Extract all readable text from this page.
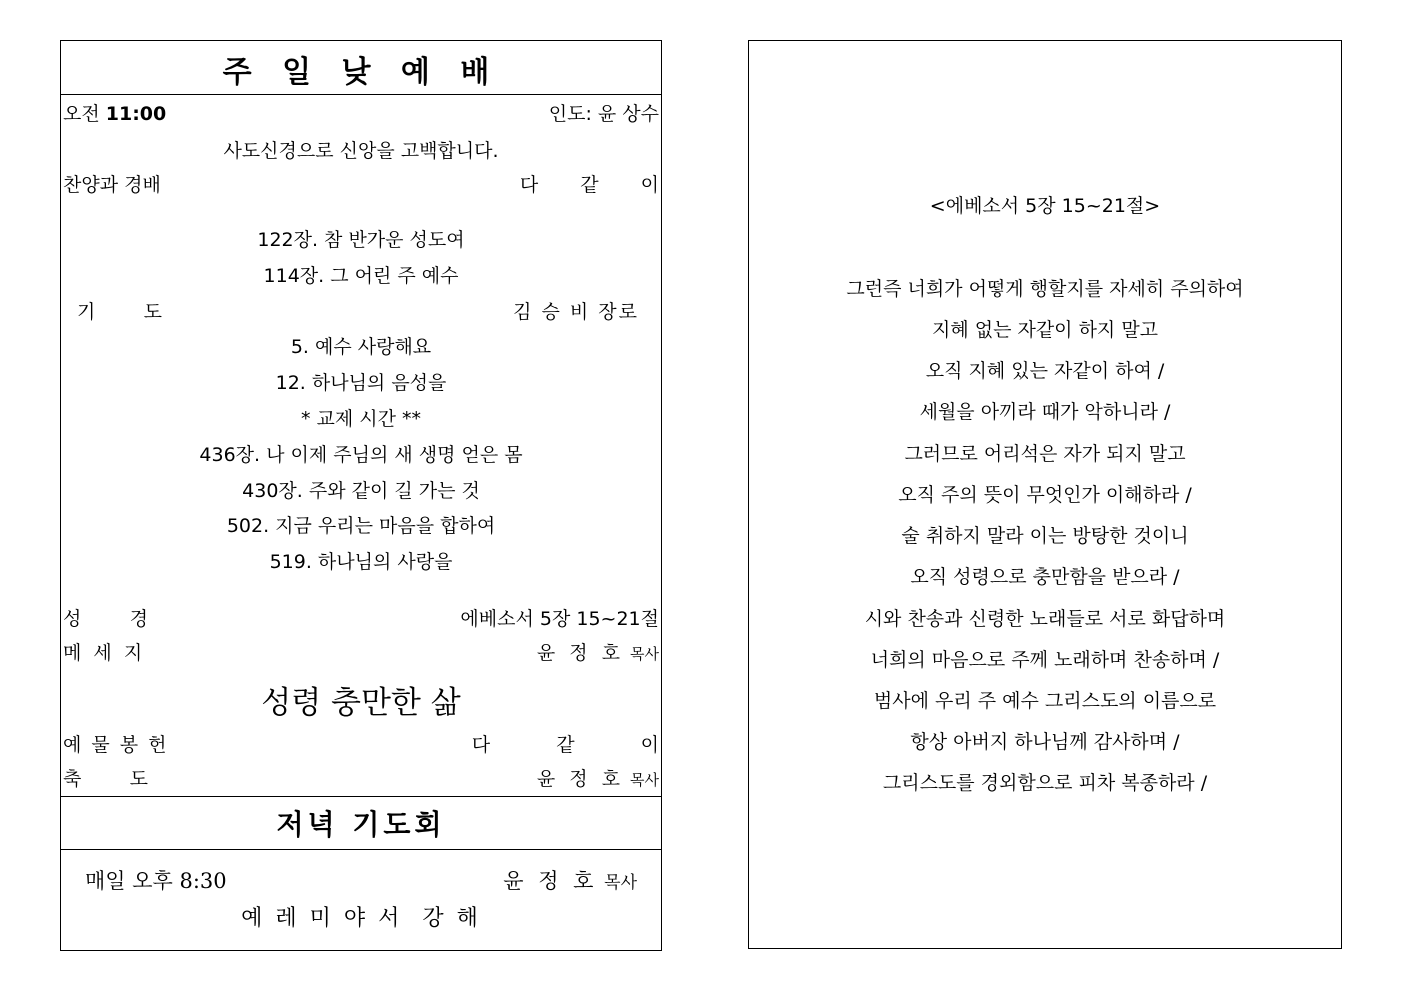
주 일 낮 예 배
오전 11:00	인도: 윤 상수
사도신경으로 신앙을 고백합니다.
찬양과 경배	다 같 이
122장. 참 반가운 성도여
114장. 그 어린 주 예수
기        도	김 승 비 장로
5. 예수 사랑해요
12. 하나님의 음성을
* 교제 시간 **
436장. 나 이제 주님의 새 생명 얻은 몸
430장. 주와 같이 길 가는 것
502. 지금 우리는 마음을 합하여
519. 하나님의 사랑을
성        경	에베소서 5장 15~21절
메  세  지	윤 정 호 목사
성령 충만한 삶
예 물 봉 헌	다  같  이
축        도	윤 정 호 목사
저녁 기도회
매일 오후 8:30	윤 정 호 목사
예 레 미 야 서  강 해
<에베소서 5장 15~21절>
그런즉 너희가 어떻게 행할지를 자세히 주의하여
지혜 없는 자같이 하지 말고
오직 지혜 있는 자같이 하여 /
세월을 아끼라 때가 악하니라 /
그러므로 어리석은 자가 되지 말고
오직 주의 뜻이 무엇인가 이해하라 /
술 취하지 말라 이는 방탕한 것이니
오직 성령으로 충만함을 받으라 /
시와 찬송과 신령한 노래들로 서로 화답하며
너희의 마음으로 주께 노래하며 찬송하며 /
범사에 우리 주 예수 그리스도의 이름으로
항상 아버지 하나님께 감사하며 /
그리스도를 경외함으로 피차 복종하라 /
